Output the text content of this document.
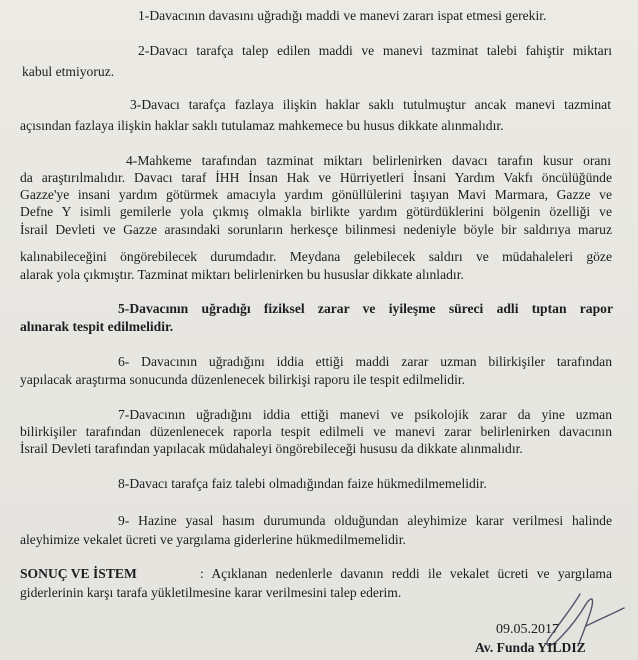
1-Davacının davasını uğradığı maddi ve manevi zararı ispat etmesi gerekir.
2-Davacı tarafça talep edilen maddi ve manevi tazminat talebi fahiştir miktarı
kabul etmiyoruz.
3-Davacı tarafça fazlaya ilişkin haklar saklı tutulmuştur ancak manevi tazminat
açısından fazlaya ilişkin haklar saklı tutulamaz mahkemece bu husus dikkate alınmalıdır.
4-Mahkeme tarafından tazminat miktarı belirlenirken davacı tarafın kusur oranı
da araştırılmalıdır. Davacı taraf İHH İnsan Hak ve Hürriyetleri İnsani Yardım Vakfı öncülüğünde
Gazze'ye insani yardım götürmek amacıyla yardım gönüllülerini taşıyan Mavi Marmara, Gazze ve
Defne Y isimli gemilerle yola çıkmış olmakla birlikte yardım götürdüklerini bölgenin özelliği ve
İsrail Devleti ve Gazze arasındaki sorunların herkesçe bilinmesi nedeniyle böyle bir saldırıya maruz
kalınabileceğini öngörebilecek durumdadır. Meydana gelebilecek saldırı ve müdahaleleri göze
alarak yola çıkmıştır. Tazminat miktarı belirlenirken bu hususlar dikkate alınladır.
5-Davacının uğradığı fiziksel zarar ve iyileşme süreci adli tıptan rapor
alınarak tespit edilmelidir.
6- Davacının uğradığını iddia ettiği maddi zarar uzman bilirkişiler tarafından
yapılacak araştırma sonucunda düzenlenecek bilirkişi raporu ile tespit edilmelidir.
7-Davacının uğradığını iddia ettiği manevi ve psikolojik zarar da yine uzman
bilirkişiler tarafından düzenlenecek raporla tespit edilmeli ve manevi zarar belirlenirken davacının
İsrail Devleti tarafından yapılacak müdahaleyi öngörebileceği hususu da dikkate alınmalıdır.
8-Davacı tarafça faiz talebi olmadığından faize hükmedilmemelidir.
9- Hazine yasal hasım durumunda olduğundan aleyhimize karar verilmesi halinde
aleyhimize vekalet ücreti ve yargılama giderlerine hükmedilmemelidir.
SONUÇ VE İSTEM	: Açıklanan nedenlerle davanın reddi ile vekalet ücreti ve yargılama
giderlerinin karşı tarafa yükletilmesine karar verilmesini talep ederim.
09.05.2017
Av. Funda YILDIZ
